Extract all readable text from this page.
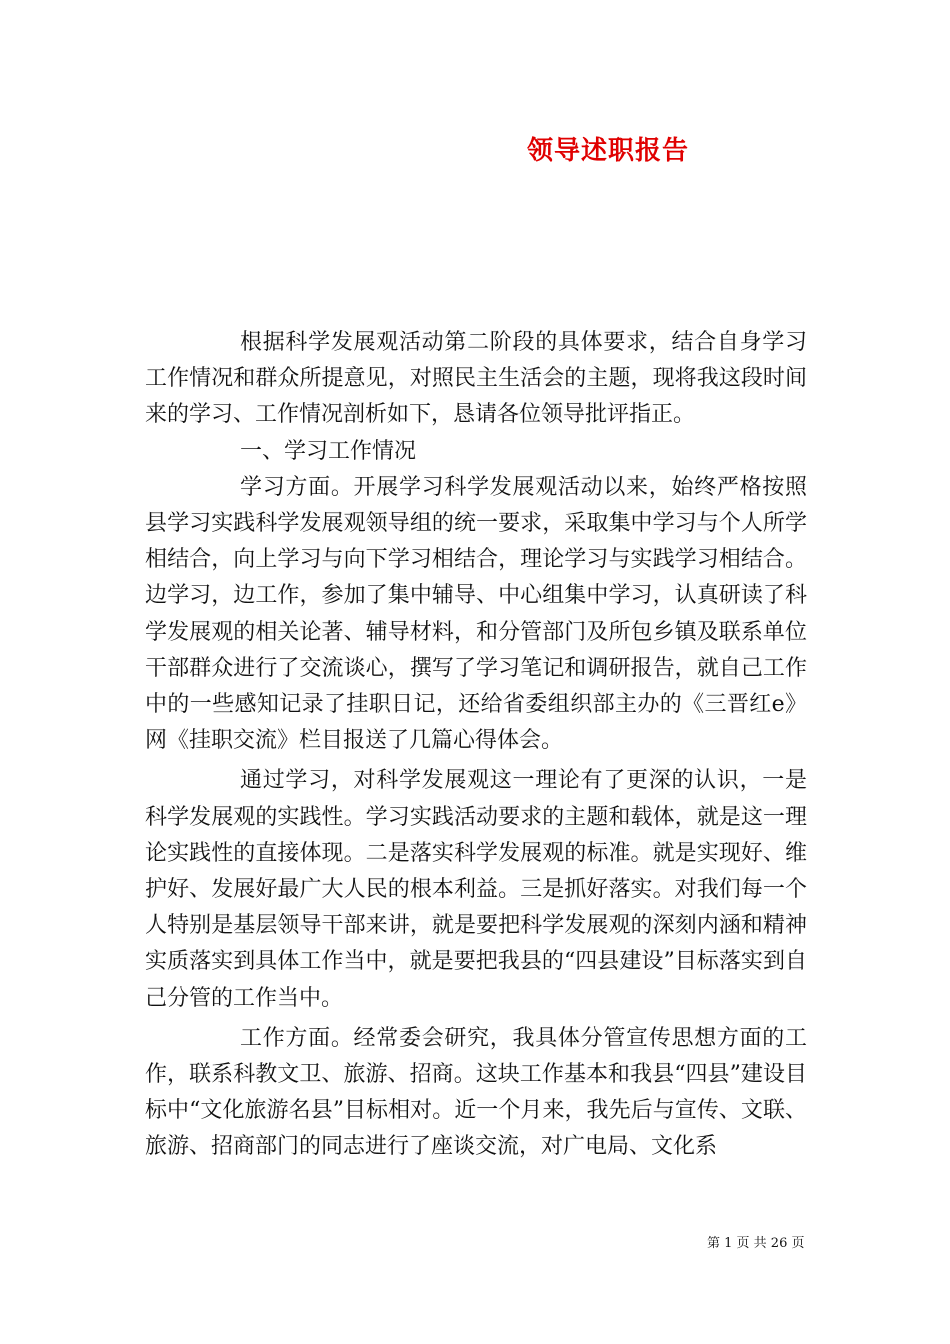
领导述职报告

根据科学发展观活动第二阶段的具体要求，结合自身学习工作情况和群众所提意见，对照民主生活会的主题，现将我这段时间来的学习、工作情况剖析如下，恳请各位领导批评指正。

一、学习工作情况

学习方面。开展学习科学发展观活动以来，始终严格按照县学习实践科学发展观领导组的统一要求，采取集中学习与个人所学相结合，向上学习与向下学习相结合，理论学习与实践学习相结合。边学习，边工作，参加了集中辅导、中心组集中学习，认真研读了科学发展观的相关论著、辅导材料，和分管部门及所包乡镇及联系单位干部群众进行了交流谈心，撰写了学习笔记和调研报告，就自己工作中的一些感知记录了挂职日记，还给省委组织部主办的《三晋红e》网《挂职交流》栏目报送了几篇心得体会。

通过学习，对科学发展观这一理论有了更深的认识，一是科学发展观的实践性。学习实践活动要求的主题和载体，就是这一理论实践性的直接体现。二是落实科学发展观的标准。就是实现好、维护好、发展好最广大人民的根本利益。三是抓好落实。对我们每一个人特别是基层领导干部来讲，就是要把科学发展观的深刻内涵和精神实质落实到具体工作当中，就是要把我县的“四县建设”目标落实到自己分管的工作当中。

工作方面。经常委会研究，我具体分管宣传思想方面的工作，联系科教文卫、旅游、招商。这块工作基本和我县“四县”建设目标中“文化旅游名县”目标相对。近一个月来，我先后与宣传、文联、旅游、招商部门的同志进行了座谈交流，对广电局、文化系

第 1 页 共 26 页
